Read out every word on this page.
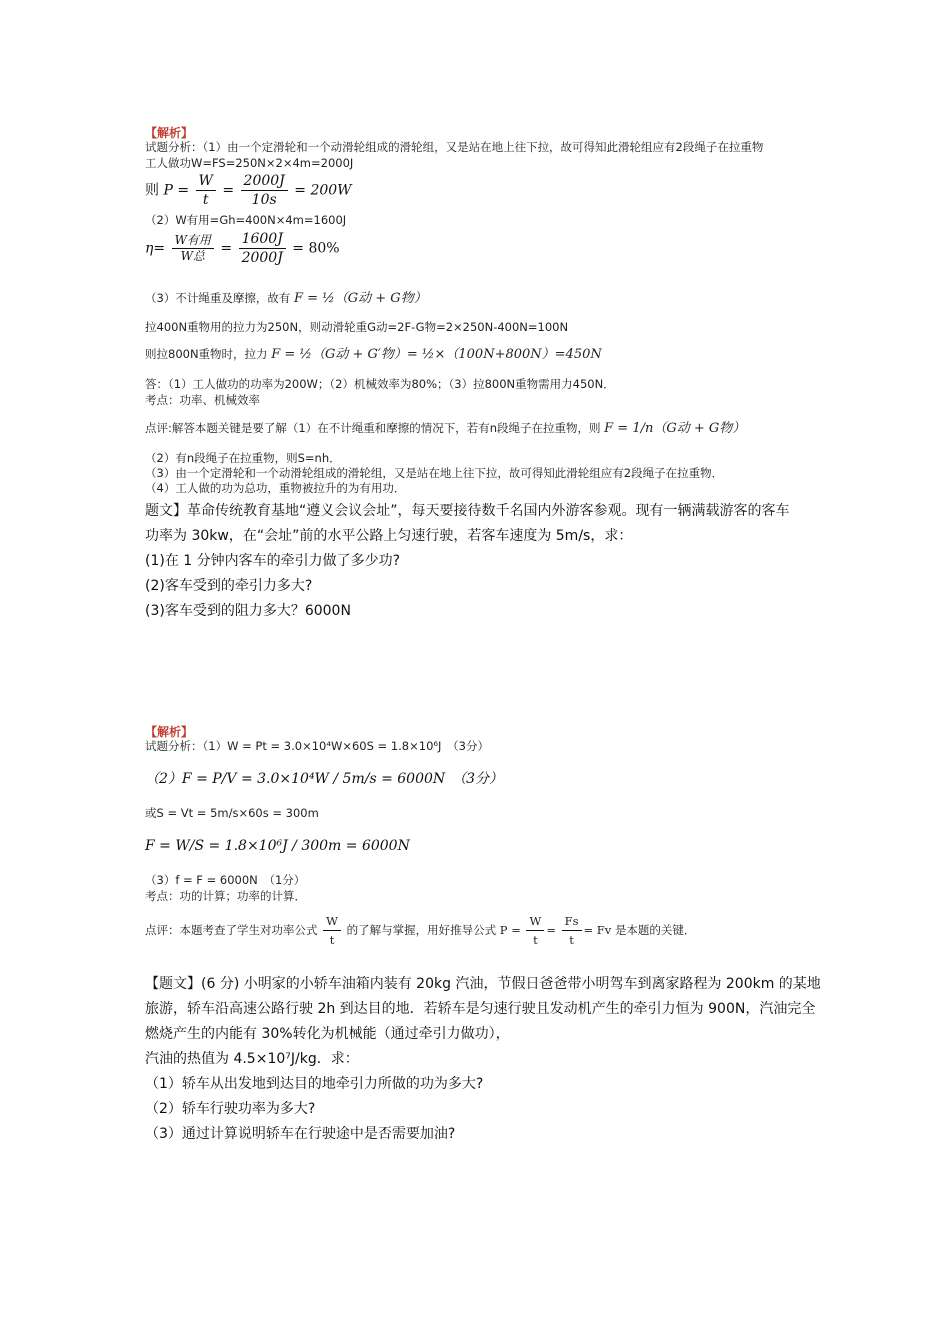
【解析】
试题分析：（1）由一个定滑轮和一个动滑轮组成的滑轮组，又是站在地上往下拉，故可得知此滑轮组应有2段绳子在拉重物
工人做功W=FS=250N×2×4m=2000J
则 $P = \frac{W}{t} = \frac{2000J}{10s} = 200W$
（2）W有用=Gh=400N×4m=1600J
$\eta= \frac{\text{W有用}}{\text{W总}} = \frac{1600J}{2000J} = 80\%$
（3）不计绳重及摩擦，故有 F = ½（G动 + G物）
拉400N重物用的拉力为250N，则动滑轮重G动=2F-G物=2×250N-400N=100N
则拉800N重物时，拉力 F = ½（G动 + G′物）= ½×（100N+800N）=450N
答：（1）工人做功的功率为200W；（2）机械效率为80%；（3）拉800N重物需用力450N．
考点：功率、机械效率
点评:解答本题关键是要了解（1）在不计绳重和摩擦的情况下，若有n段绳子在拉重物，则 F = 1/n（G动 + G物）
（2）有n段绳子在拉重物，则S=nh．
（3）由一个定滑轮和一个动滑轮组成的滑轮组，又是站在地上往下拉，故可得知此滑轮组应有2段绳子在拉重物．
（4）工人做的功为总功，重物被拉升的为有用功．
题文】革命传统教育基地“遵义会议会址”，每天要接待数千名国内外游客参观。现有一辆满载游客的客车
功率为 30kw，在“会址”前的水平公路上匀速行驶，若客车速度为 5m/s，求：
(1)在 1 分钟内客车的牵引力做了多少功?
(2)客车受到的牵引力多大?
(3)客车受到的阻力多大？6000N
【解析】
试题分析：（1）W = Pt = 3.0×10⁴W×60S = 1.8×10⁶J　（3分）
（2）F = P/V = 3.0×10⁴W / 5m/s = 6000N　（3分）
或S = Vt = 5m/s×60s = 300m
F = W/S = 1.8×10⁶J / 300m = 6000N
（3）f = F = 6000N　（1分）
考点：功的计算；功率的计算．
点评：本题考查了学生对功率公式 $\frac{W}{t}$ 的了解与掌握，用好推导公式 $P = \frac{W}{t} = \frac{Fs}{t} = Fv$ 是本题的关键．
【题文】(6 分) 小明家的小轿车油箱内装有 20kg 汽油，节假日爸爸带小明驾车到离家路程为 200km 的某地
旅游，轿车沿高速公路行驶 2h 到达目的地．若轿车是匀速行驶且发动机产生的牵引力恒为 900N，汽油完全
燃烧产生的内能有 30%转化为机械能（通过牵引力做功），
汽油的热值为 4.5×10⁷J/kg．求：
（1）轿车从出发地到达目的地牵引力所做的功为多大?
（2）轿车行驶功率为多大?
（3）通过计算说明轿车在行驶途中是否需要加油?
